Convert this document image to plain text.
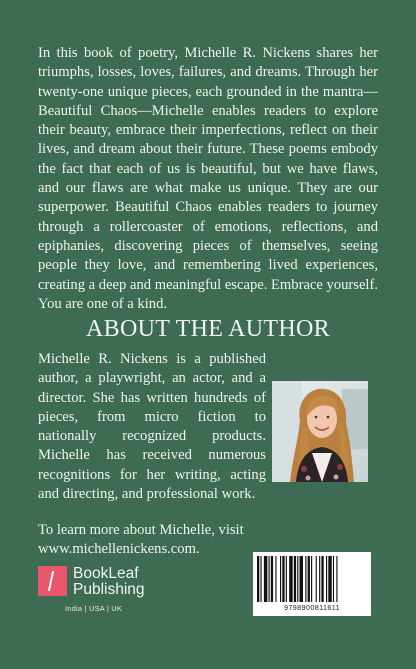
In this book of poetry, Michelle R. Nickens shares her triumphs, losses, loves, failures, and dreams. Through her twenty-one unique pieces, each grounded in the mantra—Beautiful Chaos—Michelle enables readers to explore their beauty, embrace their imperfections, reflect on their lives, and dream about their future. These poems embody the fact that each of us is beautiful, but we have flaws, and our flaws are what make us unique. They are our superpower. Beautiful Chaos enables readers to journey through a rollercoaster of emotions, reflections, and epiphanies, discovering pieces of themselves, seeing people they love, and remembering lived experiences, creating a deep and meaningful escape. Embrace yourself. You are one of a kind.

ABOUT THE AUTHOR

Michelle R. Nickens is a published author, a playwright, an actor, and a director. She has written hundreds of pieces, from micro fiction to nationally recognized products. Michelle has received numerous recognitions for her writing, acting and directing, and professional work.

To learn more about Michelle, visit www.michellenickens.com.

BookLeaf
Publishing
India | USA | UK	9798900811611
